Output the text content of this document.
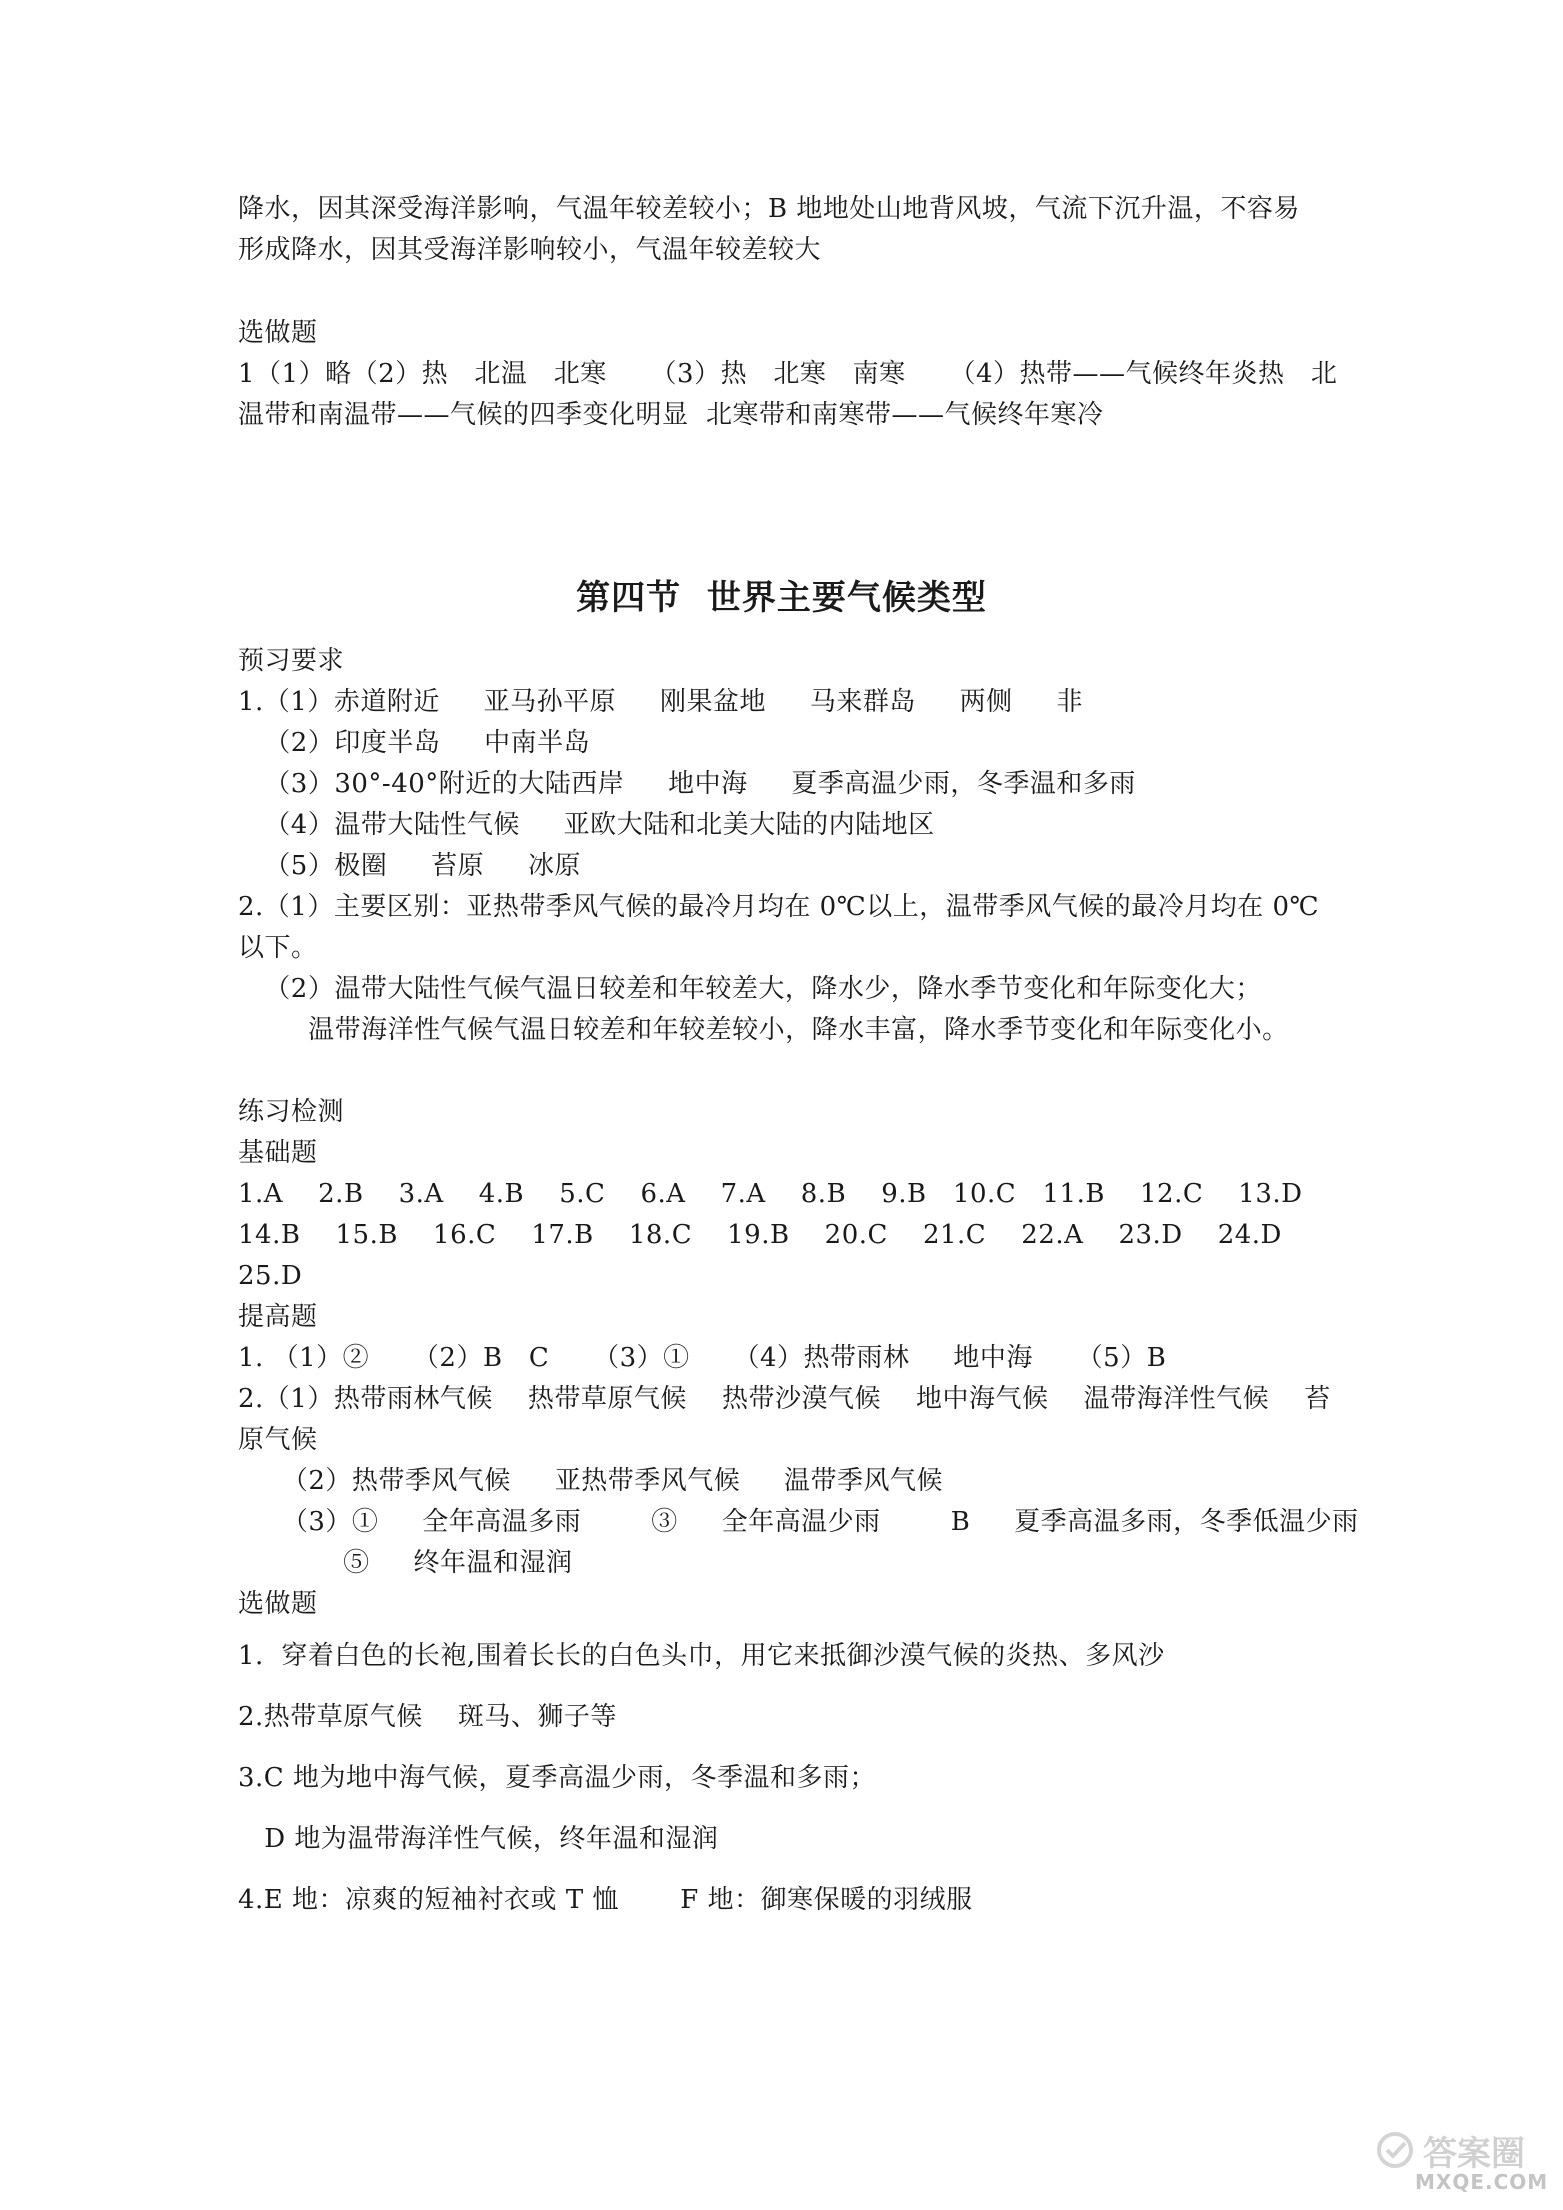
降水，因其深受海洋影响，气温年较差较小；B 地地处山地背风坡，气流下沉升温，不容易
形成降水，因其受海洋影响较小，气温年较差较大
选做题
1（1）略（2）热   北温   北寒     （3）热   北寒   南寒     （4）热带——气候终年炎热   北
温带和南温带——气候的四季变化明显  北寒带和南寒带——气候终年寒冷
第四节  世界主要气候类型
预习要求
1.（1）赤道附近     亚马孙平原     刚果盆地     马来群岛     两侧     非
（2）印度半岛     中南半岛
（3）30°-40°附近的大陆西岸     地中海     夏季高温少雨，冬季温和多雨
（4）温带大陆性气候     亚欧大陆和北美大陆的内陆地区
（5）极圈     苔原     冰原
2.（1）主要区别：亚热带季风气候的最冷月均在 0℃以上，温带季风气候的最冷月均在 0℃
以下。
（2）温带大陆性气候气温日较差和年较差大，降水少，降水季节变化和年际变化大；
温带海洋性气候气温日较差和年较差较小，降水丰富，降水季节变化和年际变化小。
练习检测
基础题
1.A    2.B    3.A    4.B    5.C    6.A    7.A    8.B    9.B   10.C   11.B    12.C    13.D
14.B    15.B    16.C    17.B    18.C    19.B    20.C    21.C    22.A    23.D    24.D
25.D
提高题
1. （1）②     （2）B   C     （3）①     （4）热带雨林     地中海     （5）B
2.（1）热带雨林气候    热带草原气候    热带沙漠气候    地中海气候    温带海洋性气候    苔
原气候
（2）热带季风气候     亚热带季风气候     温带季风气候
（3）①     全年高温多雨        ③     全年高温少雨        B     夏季高温多雨，冬季低温少雨
⑤     终年温和湿润
选做题
1.  穿着白色的长袍,围着长长的白色头巾，用它来抵御沙漠气候的炎热、多风沙
2.热带草原气候    斑马、狮子等
3.C 地为地中海气候，夏季高温少雨，冬季温和多雨；
D 地为温带海洋性气候，终年温和湿润
4.E 地：凉爽的短袖衬衣或 T 恤       F 地：御寒保暖的羽绒服
答案圈
MXQE.COM
